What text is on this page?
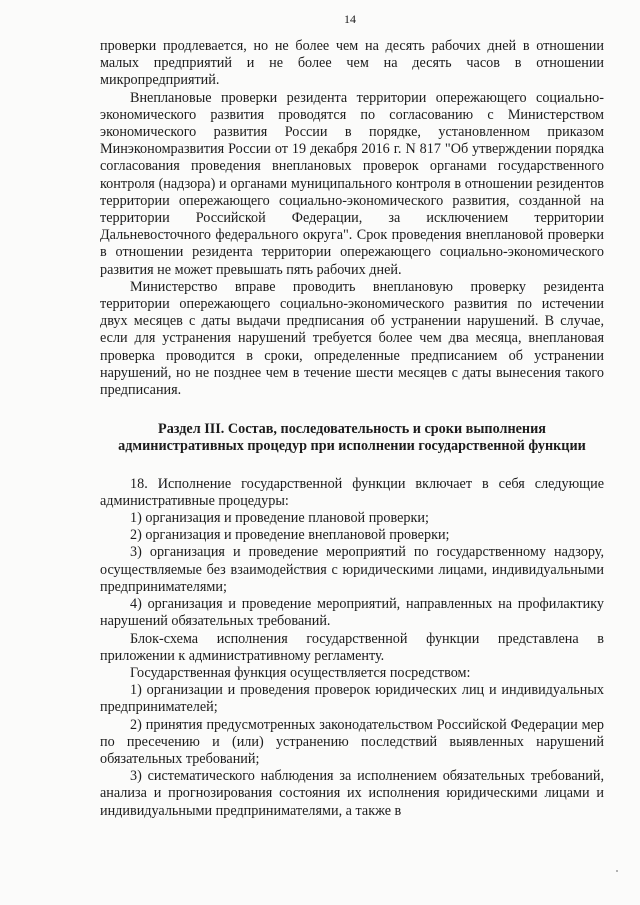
14

проверки продлевается, но не более чем на десять рабочих дней в отношении малых предприятий и не более чем на десять часов в отношении микропредприятий.

Внеплановые проверки резидента территории опережающего социально-экономического развития проводятся по согласованию с Министерством экономического развития России в порядке, установленном приказом Минэкономразвития России от 19 декабря 2016 г. N 817 "Об утверждении порядка согласования проведения внеплановых проверок органами государственного контроля (надзора) и органами муниципального контроля в отношении резидентов территории опережающего социально-экономического развития, созданной на территории Российской Федерации, за исключением территории Дальневосточного федерального округа". Срок проведения внеплановой проверки в отношении резидента территории опережающего социально-экономического развития не может превышать пять рабочих дней.

Министерство вправе проводить внеплановую проверку резидента территории опережающего социально-экономического развития по истечении двух месяцев с даты выдачи предписания об устранении нарушений. В случае, если для устранения нарушений требуется более чем два месяца, внеплановая проверка проводится в сроки, определенные предписанием об устранении нарушений, но не позднее чем в течение шести месяцев с даты вынесения такого предписания.

Раздел III. Состав, последовательность и сроки выполнения административных процедур при исполнении государственной функции

18. Исполнение государственной функции включает в себя следующие административные процедуры:

1) организация и проведение плановой проверки;

2) организация и проведение внеплановой проверки;

3) организация и проведение мероприятий по государственному надзору, осуществляемые без взаимодействия с юридическими лицами, индивидуальными предпринимателями;

4) организация и проведение мероприятий, направленных на профилактику нарушений обязательных требований.

Блок-схема исполнения государственной функции представлена в приложении к административному регламенту.

Государственная функция осуществляется посредством:

1) организации и проведения проверок юридических лиц и индивидуальных предпринимателей;

2) принятия предусмотренных законодательством Российской Федерации мер по пресечению и (или) устранению последствий выявленных нарушений обязательных требований;

3) систематического наблюдения за исполнением обязательных требований, анализа и прогнозирования состояния их исполнения юридическими лицами и индивидуальными предпринимателями, а также в
